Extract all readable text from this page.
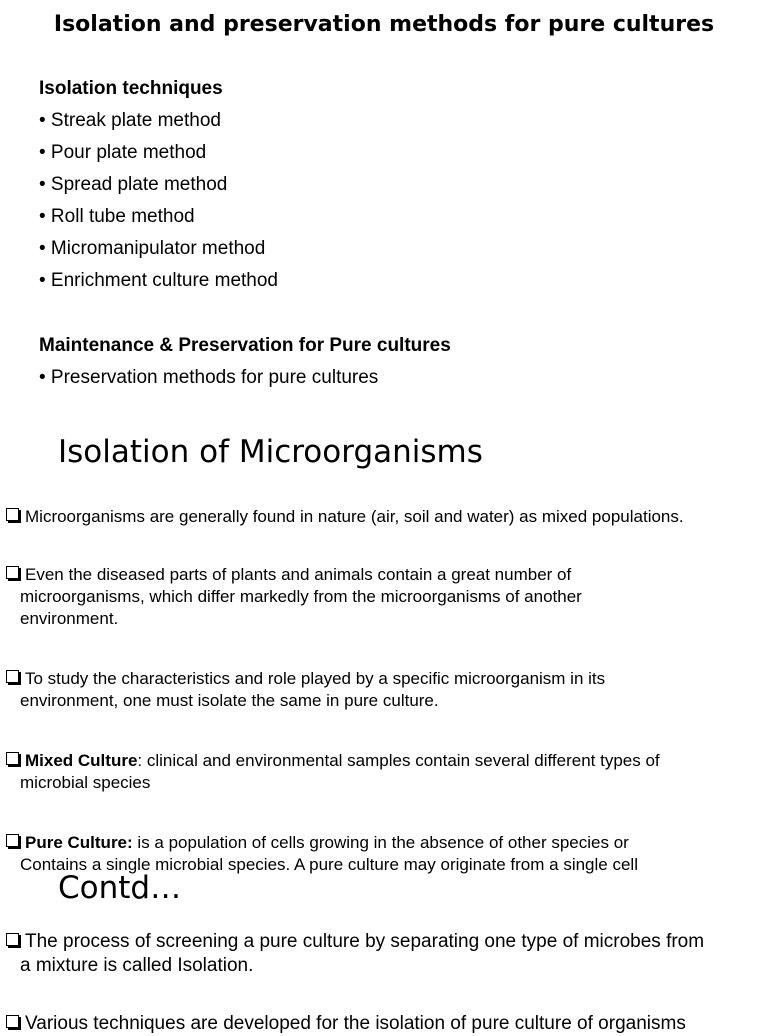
Isolation and preservation methods for pure cultures
Isolation techniques
• Streak plate method
• Pour plate method
• Spread plate method
• Roll tube method
• Micromanipulator method
• Enrichment culture method
Maintenance & Preservation for Pure cultures
• Preservation methods for pure cultures
Isolation of Microorganisms
Microorganisms are generally found in nature (air, soil and water) as mixed populations.
Even the diseased parts of plants and animals contain a great number of
microorganisms, which differ markedly from the microorganisms of another
environment.
To study the characteristics and role played by a specific microorganism in its
environment, one must isolate the same in pure culture.
Mixed Culture: clinical and environmental samples contain several different types of
microbial species
Pure Culture: is a population of cells growing in the absence of other species or
Contains a single microbial species. A pure culture may originate from a single cell
Contd…
The process of screening a pure culture by separating one type of microbes from
a mixture is called Isolation.
Various techniques are developed for the isolation of pure culture of organisms
